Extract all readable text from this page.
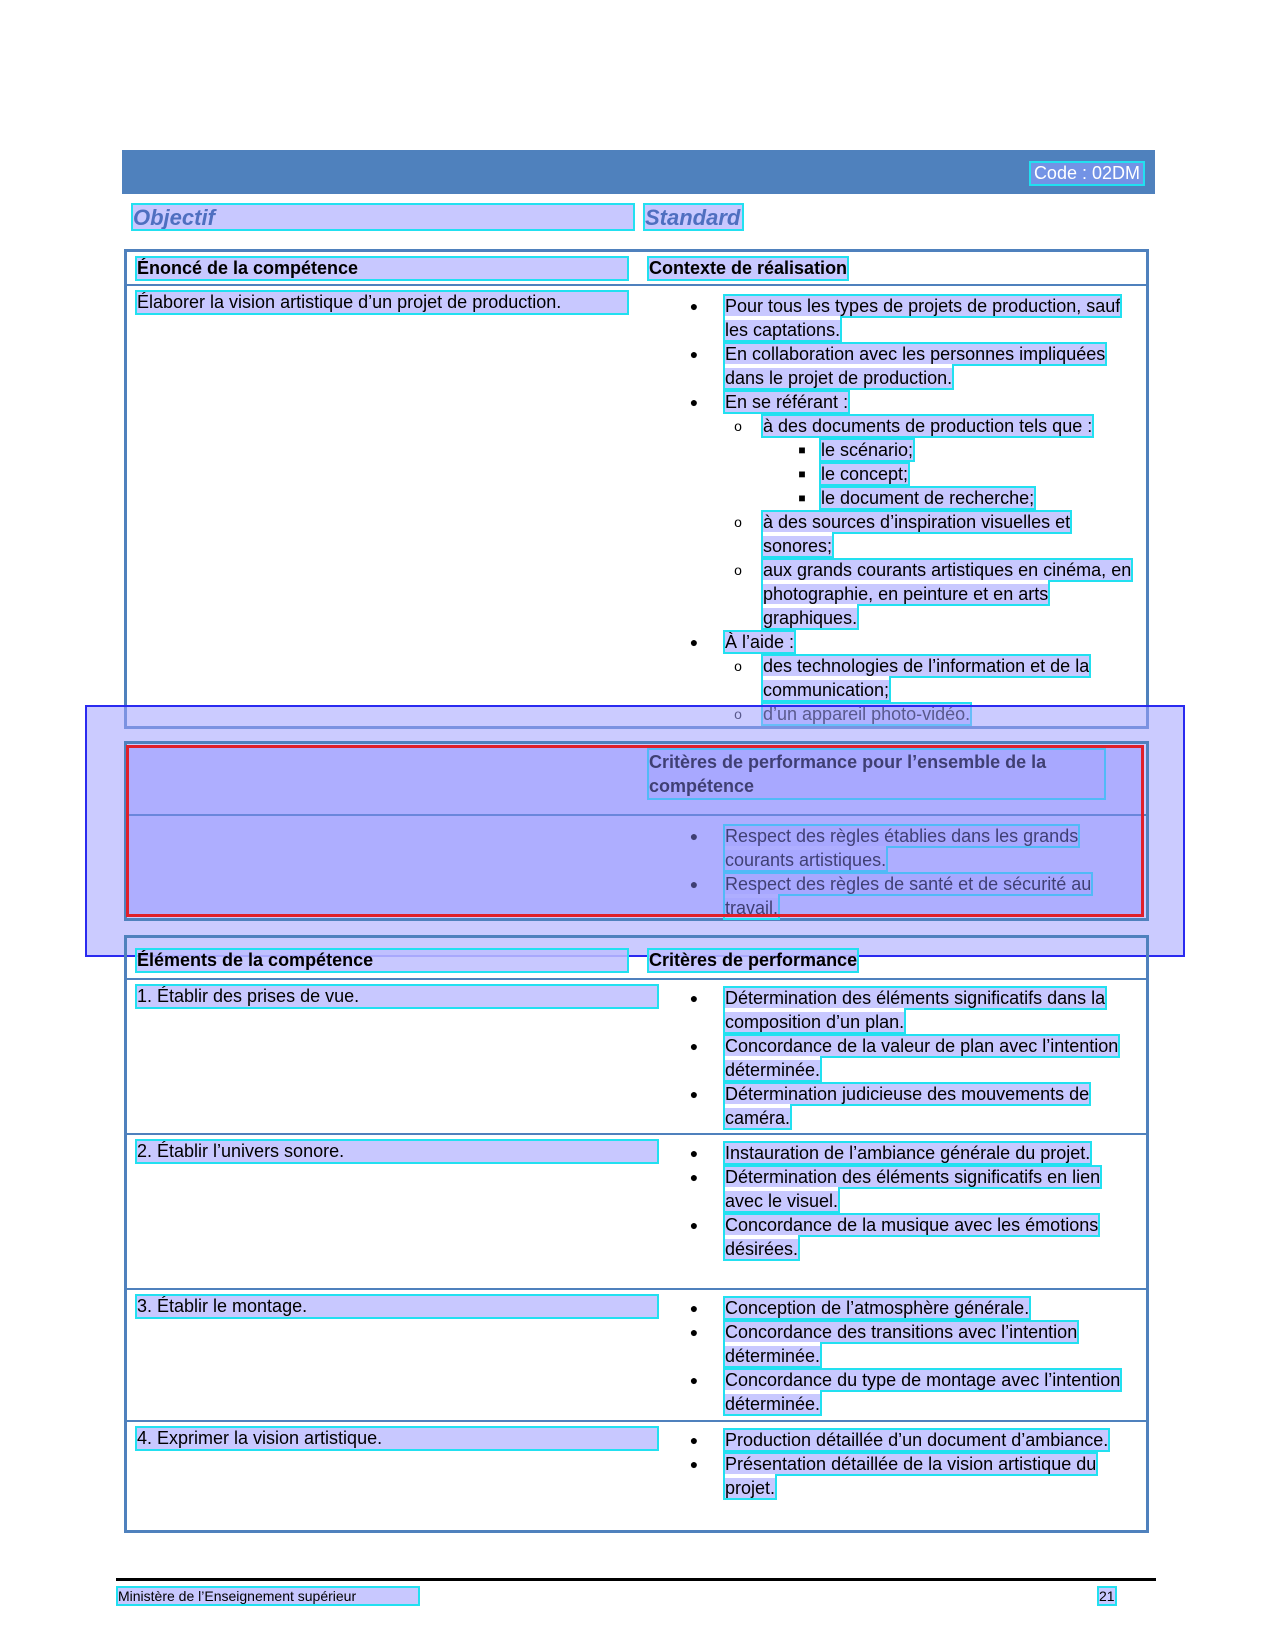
Code : 02DM
Objectif	Standard
Énoncé de la compétence	Contexte de réalisation
Élaborer la vision artistique d’un projet de production.	● Pour tous les types de projets de production, sauf les captations.
● En collaboration avec les personnes impliquées dans le projet de production.
● En se référant :
o à des documents de production tels que :
■ le scénario;
■ le concept;
■ le document de recherche;
o à des sources d’inspiration visuelles et sonores;
o aux grands courants artistiques en cinéma, en photographie, en peinture et en arts graphiques.
● À l’aide :
o des technologies de l’information et de la communication;
Critères de performance pour l’ensemble de la compétence
● Respect des règles établies dans les grands courants artistiques.
● Respect des règles de santé et de sécurité au travail.
Éléments de la compétence	Critères de performance
1. Établir des prises de vue.	● Détermination des éléments significatifs dans la composition d’un plan.
● Concordance de la valeur de plan avec l’intention déterminée.
● Détermination judicieuse des mouvements de caméra.
2. Établir l’univers sonore.	● Instauration de l’ambiance générale du projet.
● Détermination des éléments significatifs en lien avec le visuel.
● Concordance de la musique avec les émotions désirées.
3. Établir le montage.	● Conception de l’atmosphère générale.
● Concordance des transitions avec l’intention déterminée.
● Concordance du type de montage avec l’intention déterminée.
4. Exprimer la vision artistique.	● Production détaillée d’un document d’ambiance.
● Présentation détaillée de la vision artistique du projet.
Ministère de l’Enseignement supérieur	21
